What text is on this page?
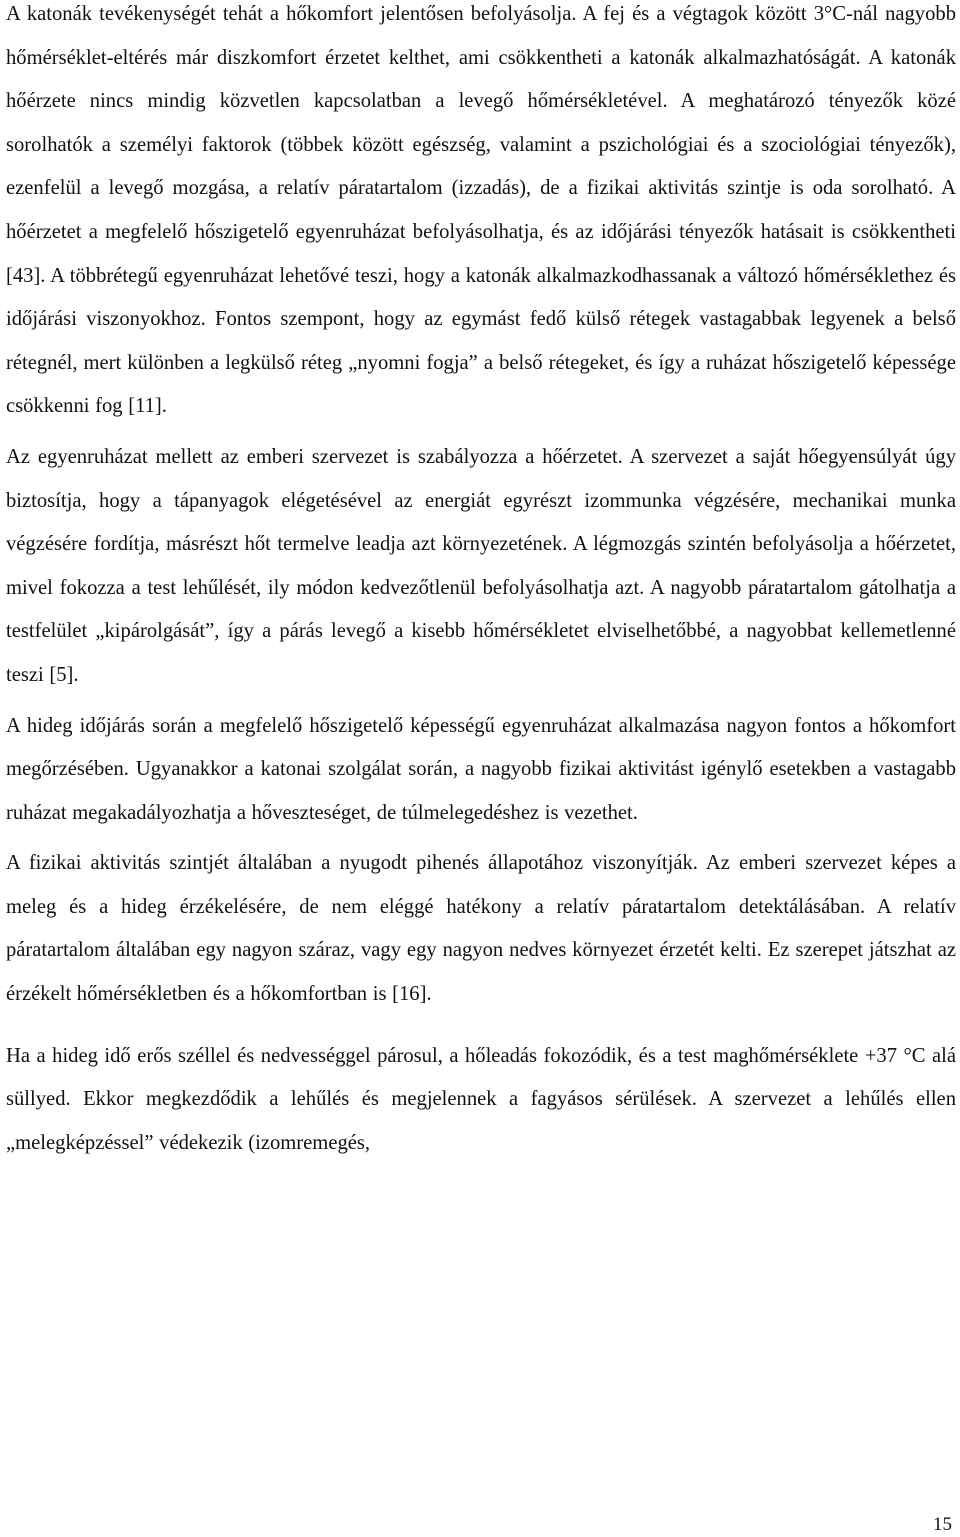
A katonák tevékenységét tehát a hőkomfort jelentősen befolyásolja. A fej és a végtagok között 3°C-nál nagyobb hőmérséklet-eltérés már diszkomfort érzetet kelthet, ami csökkentheti a katonák alkalmazhatóságát. A katonák hőérzete nincs mindig közvetlen kapcsolatban a levegő hőmérsékletével. A meghatározó tényezők közé sorolhatók a személyi faktorok (többek között egészség, valamint a pszichológiai és a szociológiai tényezők), ezenfelül a levegő mozgása, a relatív páratartalom (izzadás), de a fizikai aktivitás szintje is oda sorolható. A hőérzetet a megfelelő hőszigetelő egyenruházat befolyásolhatja, és az időjárási tényezők hatásait is csökkentheti [43]. A többrétegű egyenruházat lehetővé teszi, hogy a katonák alkalmazkodhassanak a változó hőmérséklethez és időjárási viszonyokhoz. Fontos szempont, hogy az egymást fedő külső rétegek vastagabbak legyenek a belső rétegnél, mert különben a legkülső réteg „nyomni fogja” a belső rétegeket, és így a ruházat hőszigetelő képessége csökkenni fog [11].

Az egyenruházat mellett az emberi szervezet is szabályozza a hőérzetet. A szervezet a saját hőegyensúlyát úgy biztosítja, hogy a tápanyagok elégetésével az energiát egyrészt izommunka végzésére, mechanikai munka végzésére fordítja, másrészt hőt termelve leadja azt környezetének. A légmozgás szintén befolyásolja a hőérzetet, mivel fokozza a test lehűlését, ily módon kedvezőtlenül befolyásolhatja azt. A nagyobb páratartalom gátolhatja a testfelület „kipárolgását”, így a párás levegő a kisebb hőmérsékletet elviselhetőbbé, a nagyobbat kellemetlenné teszi [5].

A hideg időjárás során a megfelelő hőszigetelő képességű egyenruházat alkalmazása nagyon fontos a hőkomfort megőrzésében. Ugyanakkor a katonai szolgálat során, a nagyobb fizikai aktivitást igénylő esetekben a vastagabb ruházat megakadályozhatja a hőveszteséget, de túlmelegedéshez is vezethet.

A fizikai aktivitás szintjét általában a nyugodt pihenés állapotához viszonyítják. Az emberi szervezet képes a meleg és a hideg érzékelésére, de nem eléggé hatékony a relatív páratartalom detektálásában. A relatív páratartalom általában egy nagyon száraz, vagy egy nagyon nedves környezet érzetét kelti. Ez szerepet játszhat az érzékelt hőmérsékletben és a hőkomfortban is [16].

Ha a hideg idő erős széllel és nedvességgel párosul, a hőleadás fokozódik, és a test maghőmérséklete +37 °C alá süllyed. Ekkor megkezdődik a lehűlés és megjelennek a fagyásos sérülések. A szervezet a lehűlés ellen „melegképzéssel” védekezik (izomremegés,

15
